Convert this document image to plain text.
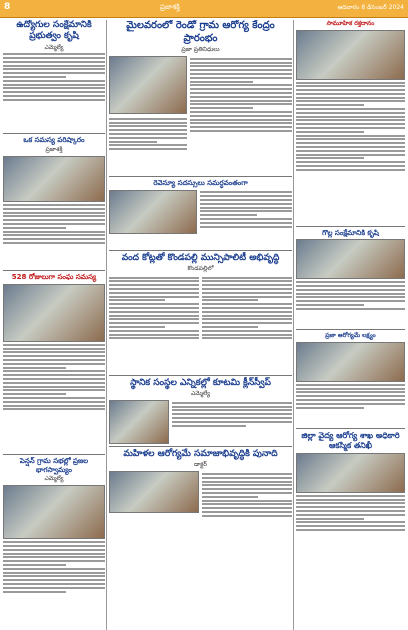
8	ప్రజాశక్తి	ఆదివారం 8 డిసెంబర్ 2024
ఉద్యోగుల సంక్షేమానికి ప్రభుత్వం కృషి
ఎమ్మెల్యే
ఒక సమస్య పరిష్కారం
ప్రజాశక్తి
528 రోజులుగా సంఘ సమస్య
పెన్షన్ గ్రామ సభల్లో ప్రజల భాగస్వామ్యం
ఎమ్మెల్యే
మైలవరంలో రెండో గ్రామ ఆరోగ్య కేంద్రం ప్రారంభం
ప్రజా ప్రతినిధులు
రెవెన్యూ సదస్సులు సమర్ధవంతంగా
వంద కోట్లతో కొండపల్లి మున్సిపాలిటీ అభివృద్ధి
కొండపల్లిలో
స్థానిక సంస్థల ఎన్నికల్లో కూటమి క్లీన్‌స్వీప్
ఎమ్మెల్యే
మహిళల ఆరోగ్యమే సమాజాభివృద్ధికి పునాది
డాక్టర్
సామూహిక రక్తదానం
గొల్ల సంక్షేమానికి కృషి
ప్రజా ఆరోగ్యమే లక్ష్యం
జిల్లా వైద్య ఆరోగ్య శాఖ అధికారి ఆకస్మిక తనిఖీ
